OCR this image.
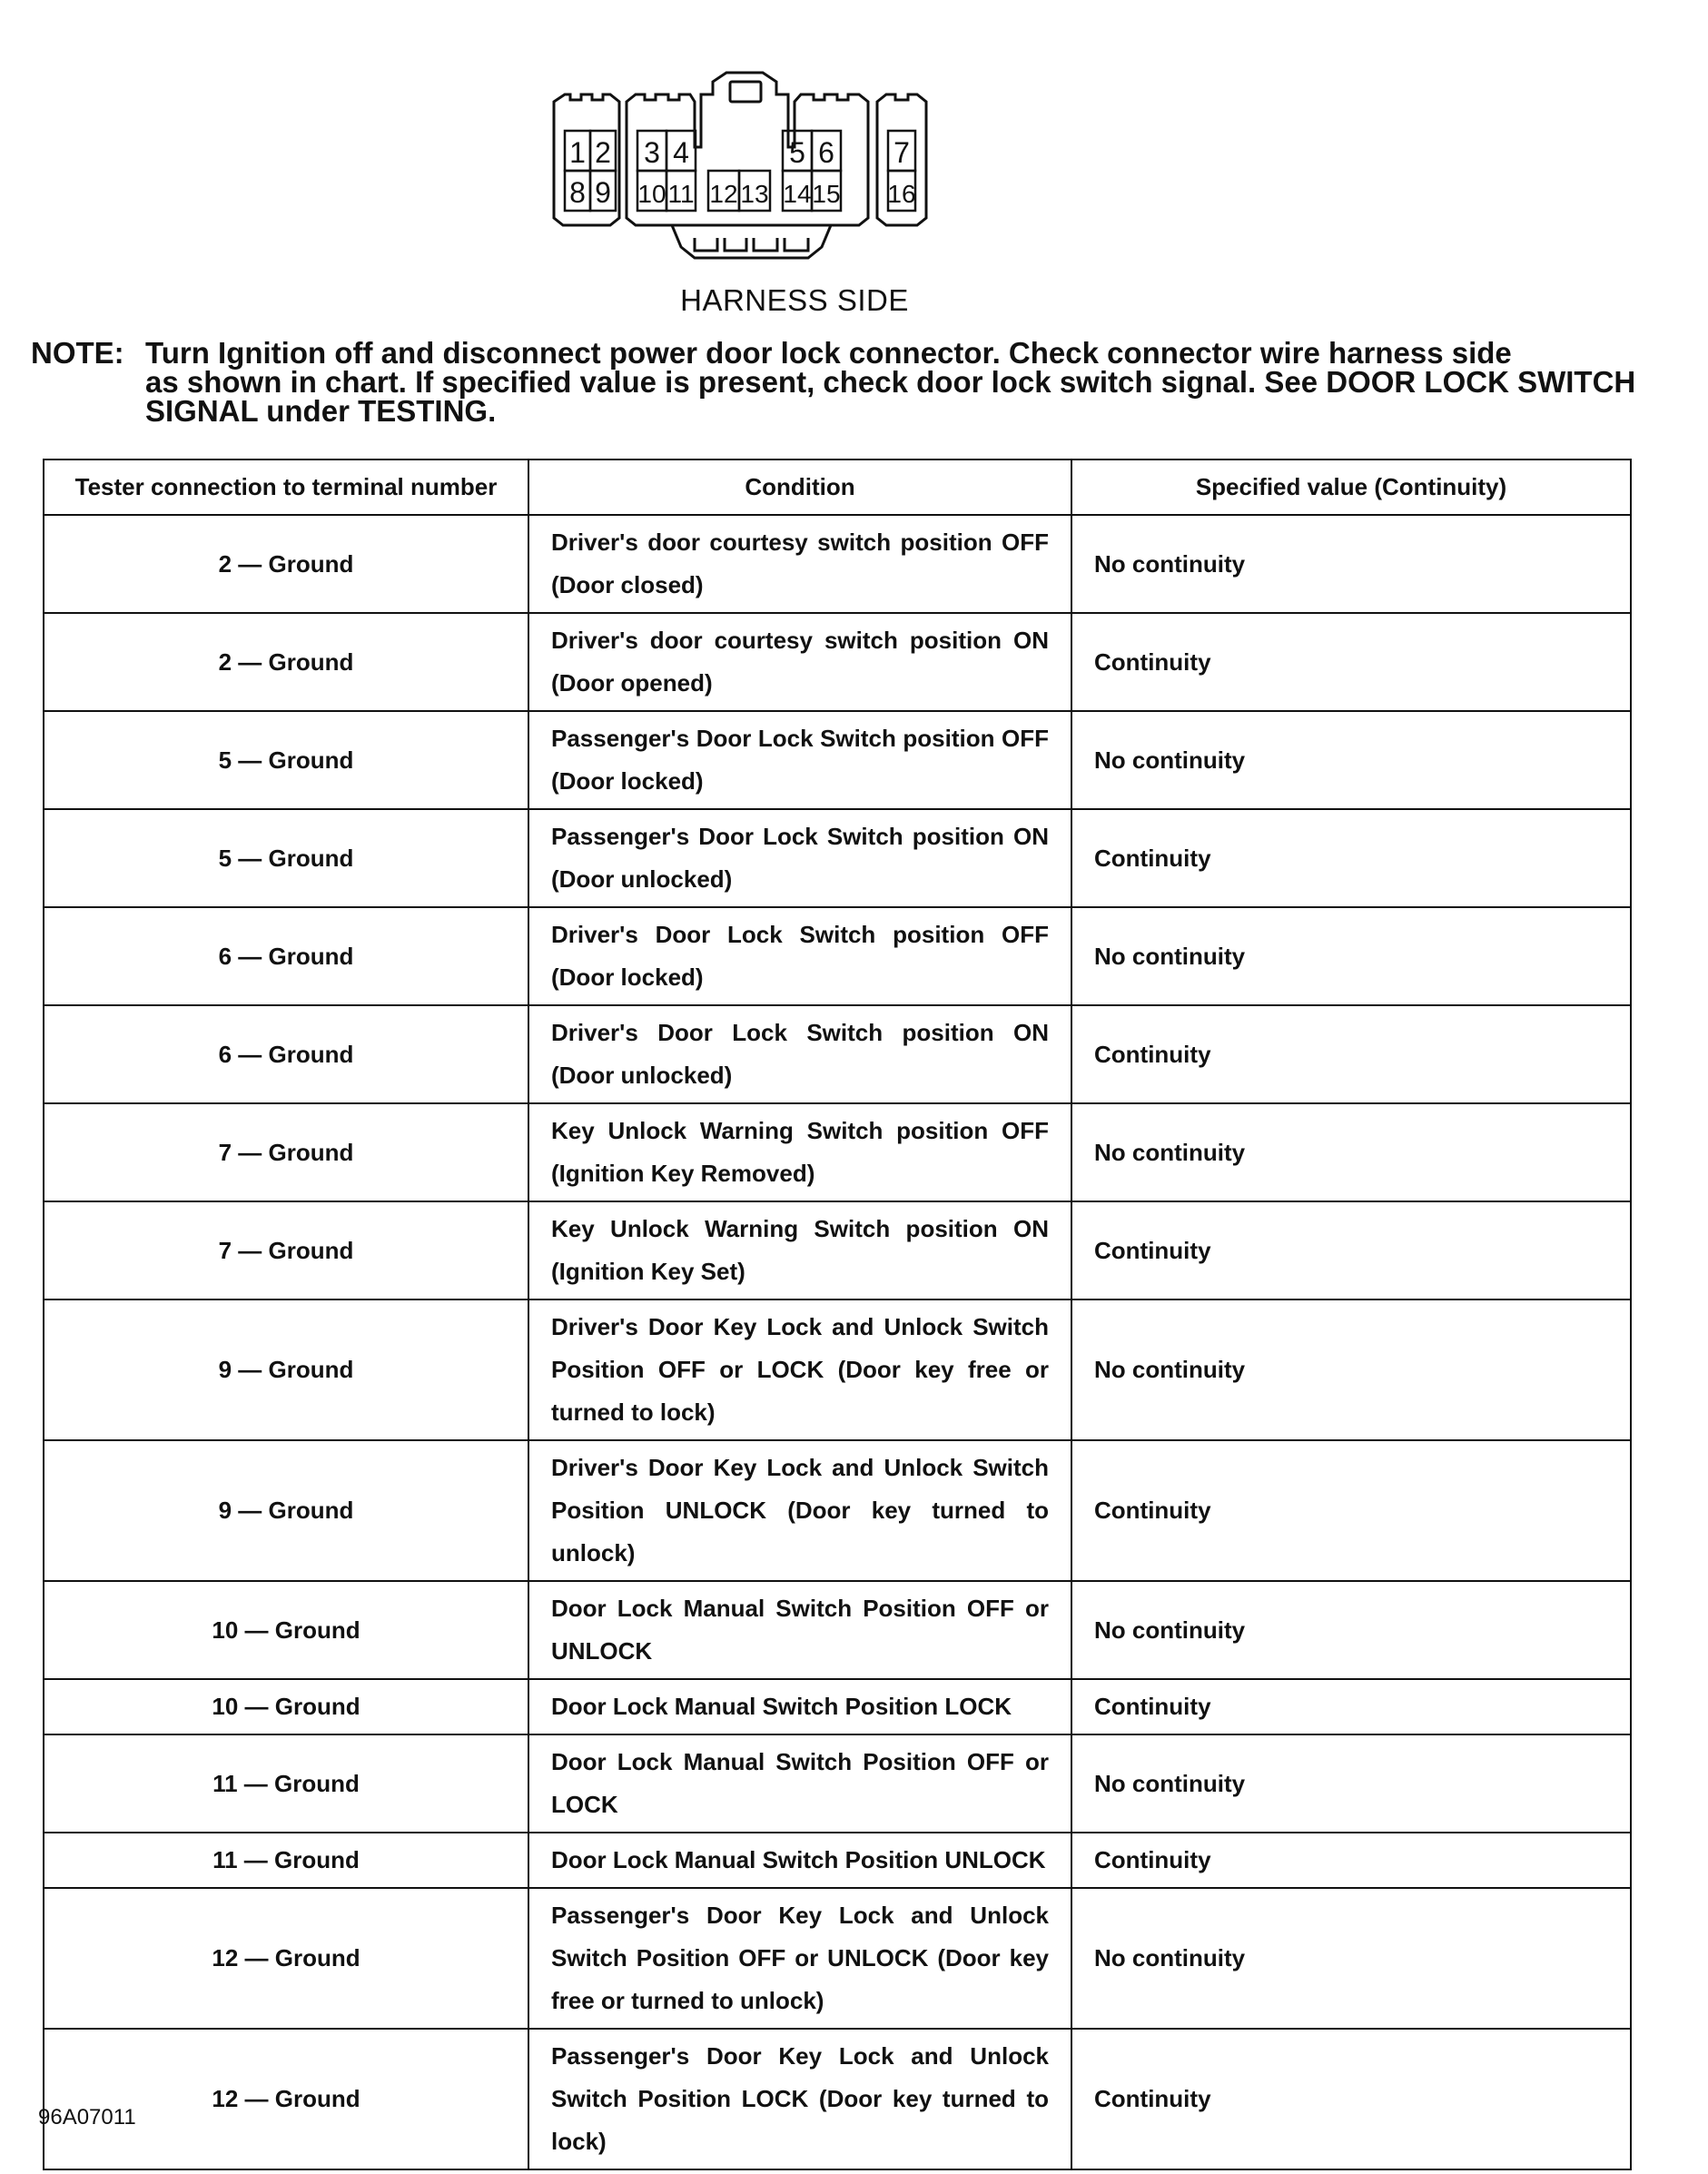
1 2 3 4	5 6 7
8 9 10 11 12 13 14 15 16
HARNESS SIDE
NOTE: Turn Ignition off and disconnect power door lock connector. Check connector wire harness side
as shown in chart. If specified value is present, check door lock switch signal. See DOOR LOCK SWITCH
SIGNAL under TESTING.
Tester connection to terminal number	Condition	Specified value (Continuity)
2 — Ground	Driver's door courtesy switch position OFF (Door closed)	No continuity
2 — Ground	Driver's door courtesy switch position ON (Door opened)	Continuity
5 — Ground	Passenger's Door Lock Switch position OFF (Door locked)	No continuity
5 — Ground	Passenger's Door Lock Switch position ON (Door unlocked)	Continuity
6 — Ground	Driver's Door Lock Switch position OFF (Door locked)	No continuity
6 — Ground	Driver's Door Lock Switch position ON (Door unlocked)	Continuity
7 — Ground	Key Unlock Warning Switch position OFF (Ignition Key Removed)	No continuity
7 — Ground	Key Unlock Warning Switch position ON (Ignition Key Set)	Continuity
9 — Ground	Driver's Door Key Lock and Unlock Switch Position OFF or LOCK (Door key free or turned to lock)	No continuity
9 — Ground	Driver's Door Key Lock and Unlock Switch Position UNLOCK (Door key turned to unlock)	Continuity
10 — Ground	Door Lock Manual Switch Position OFF or UNLOCK	No continuity
10 — Ground	Door Lock Manual Switch Position LOCK	Continuity
11 — Ground	Door Lock Manual Switch Position OFF or LOCK	No continuity
11 — Ground	Door Lock Manual Switch Position UNLOCK	Continuity
12 — Ground	Passenger's Door Key Lock and Unlock Switch Position OFF or UNLOCK (Door key free or turned to unlock)	No continuity
12 — Ground	Passenger's Door Key Lock and Unlock Switch Position LOCK (Door key turned to lock)	Continuity
96A07011
